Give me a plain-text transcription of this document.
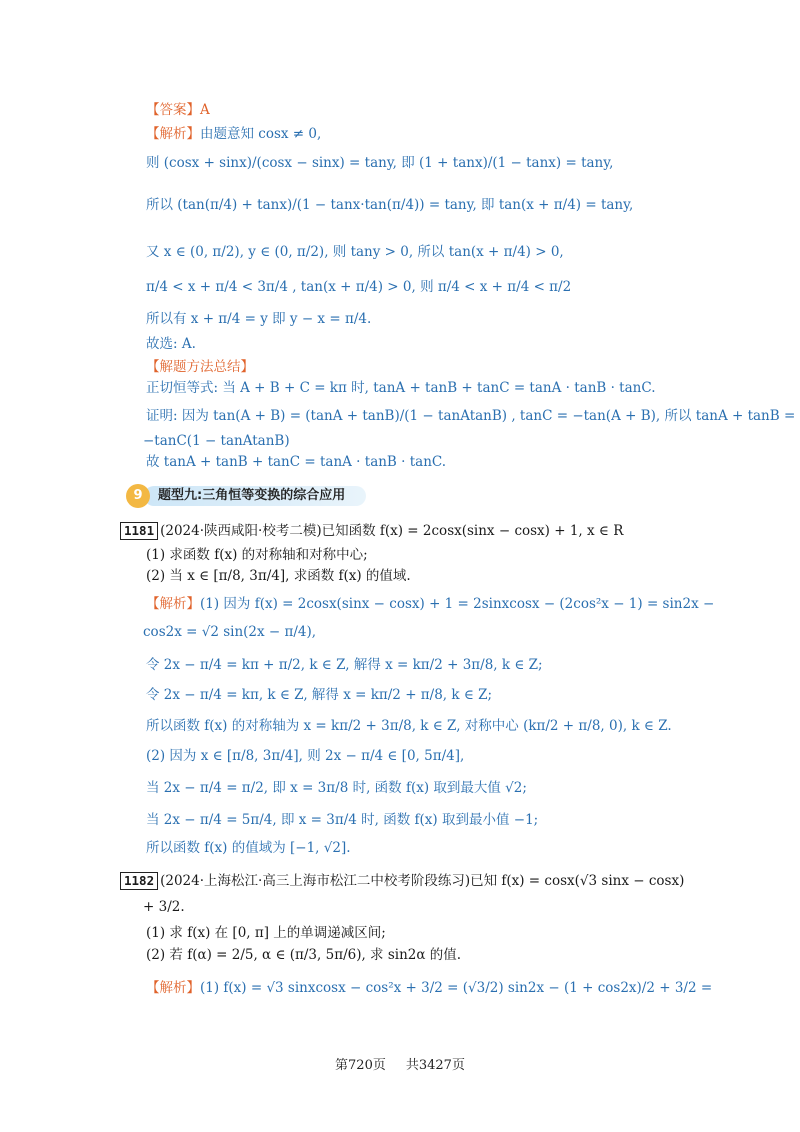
【答案】A
【解析】由题意知 cosx ≠ 0,
则 (cosx + sinx)/(cosx − sinx) = tany, 即 (1 + tanx)/(1 − tanx) = tany,
所以 (tan(π/4) + tanx)/(1 − tanx·tan(π/4)) = tany, 即 tan(x + π/4) = tany,
又 x ∈ (0, π/2), y ∈ (0, π/2), 则 tany > 0, 所以 tan(x + π/4) > 0,
π/4 < x + π/4 < 3π/4 , tan(x + π/4) > 0, 则 π/4 < x + π/4 < π/2
所以有 x + π/4 = y 即 y − x = π/4.
故选: A.
【解题方法总结】
正切恒等式: 当 A + B + C = kπ 时, tanA + tanB + tanC = tanA · tanB · tanC.
证明: 因为 tan(A + B) = (tanA + tanB)/(1 − tanAtanB) , tanC = −tan(A + B), 所以 tanA + tanB =
−tanC(1 − tanAtanB)
故 tanA + tanB + tanC = tanA · tanB · tanC.
题型九:三角恒等变换的综合应用
9
1181 (2024·陕西咸阳·校考二模)已知函数 f(x) = 2cosx(sinx − cosx) + 1, x ∈ R
(1) 求函数 f(x) 的对称轴和对称中心;
(2) 当 x ∈ [π/8, 3π/4], 求函数 f(x) 的值域.
【解析】(1) 因为 f(x) = 2cosx(sinx − cosx) + 1 = 2sinxcosx − (2cos²x − 1) = sin2x −
cos2x = √2 sin(2x − π/4),
令 2x − π/4 = kπ + π/2, k ∈ Z, 解得 x = kπ/2 + 3π/8, k ∈ Z;
令 2x − π/4 = kπ, k ∈ Z, 解得 x = kπ/2 + π/8, k ∈ Z;
所以函数 f(x) 的对称轴为 x = kπ/2 + 3π/8, k ∈ Z, 对称中心 (kπ/2 + π/8, 0), k ∈ Z.
(2) 因为 x ∈ [π/8, 3π/4], 则 2x − π/4 ∈ [0, 5π/4],
当 2x − π/4 = π/2, 即 x = 3π/8 时, 函数 f(x) 取到最大值 √2;
当 2x − π/4 = 5π/4, 即 x = 3π/4 时, 函数 f(x) 取到最小值 −1;
所以函数 f(x) 的值域为 [−1, √2].
1182 (2024·上海松江·高三上海市松江二中校考阶段练习)已知 f(x) = cosx(√3 sinx − cosx)
+ 3/2.
(1) 求 f(x) 在 [0, π] 上的单调递减区间;
(2) 若 f(α) = 2/5, α ∈ (π/3, 5π/6), 求 sin2α 的值.
【解析】(1) f(x) = √3 sinxcosx − cos²x + 3/2 = (√3/2) sin2x − (1 + cos2x)/2 + 3/2 =
第720页 共3427页
